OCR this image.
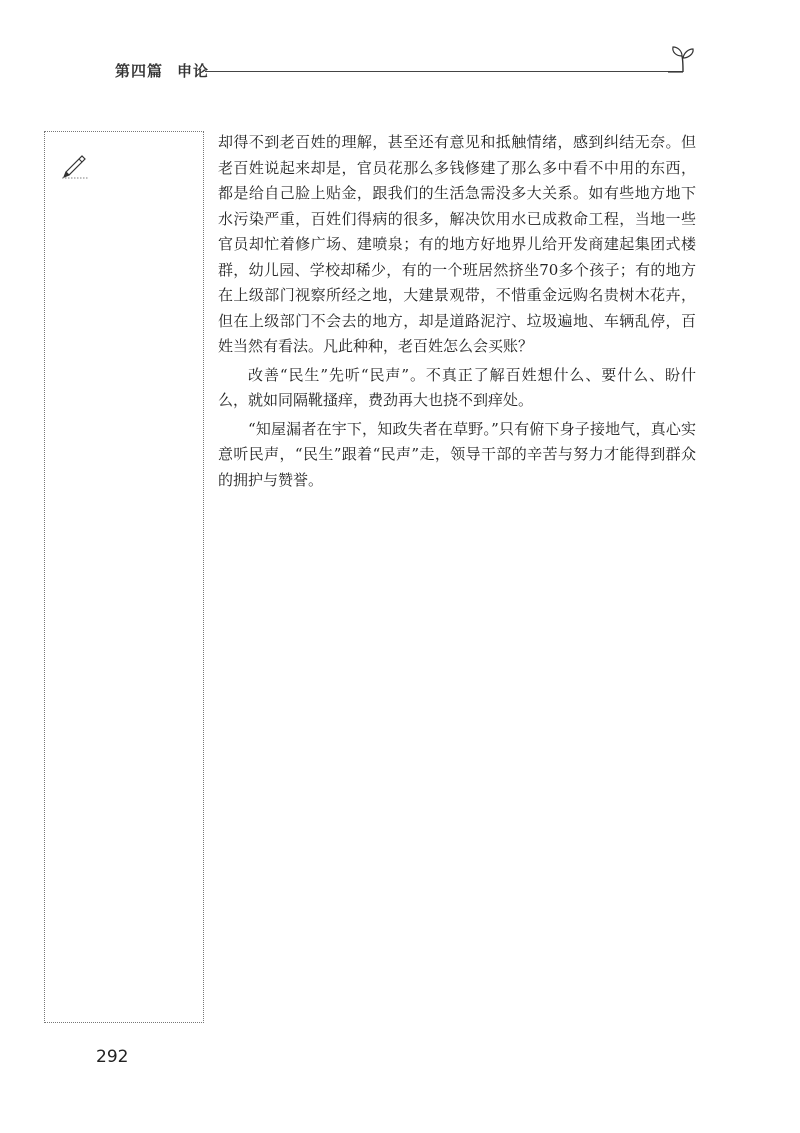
第四篇 申论

却得不到老百姓的理解，甚至还有意见和抵触情绪，感到纠结无奈。但老百姓说起来却是，官员花那么多钱修建了那么多中看不中用的东西，都是给自己脸上贴金，跟我们的生活急需没多大关系。如有些地方地下水污染严重，百姓们得病的很多，解决饮用水已成救命工程，当地一些官员却忙着修广场、建喷泉；有的地方好地界儿给开发商建起集团式楼群，幼儿园、学校却稀少，有的一个班居然挤坐70多个孩子；有的地方在上级部门视察所经之地，大建景观带，不惜重金远购名贵树木花卉，但在上级部门不会去的地方，却是道路泥泞、垃圾遍地、车辆乱停，百姓当然有看法。凡此种种，老百姓怎么会买账？

改善“民生”先听“民声”。不真正了解百姓想什么、要什么、盼什么，就如同隔靴搔痒，费劲再大也挠不到痒处。

“知屋漏者在宇下，知政失者在草野。”只有俯下身子接地气，真心实意听民声，“民生”跟着“民声”走，领导干部的辛苦与努力才能得到群众的拥护与赞誉。

292
